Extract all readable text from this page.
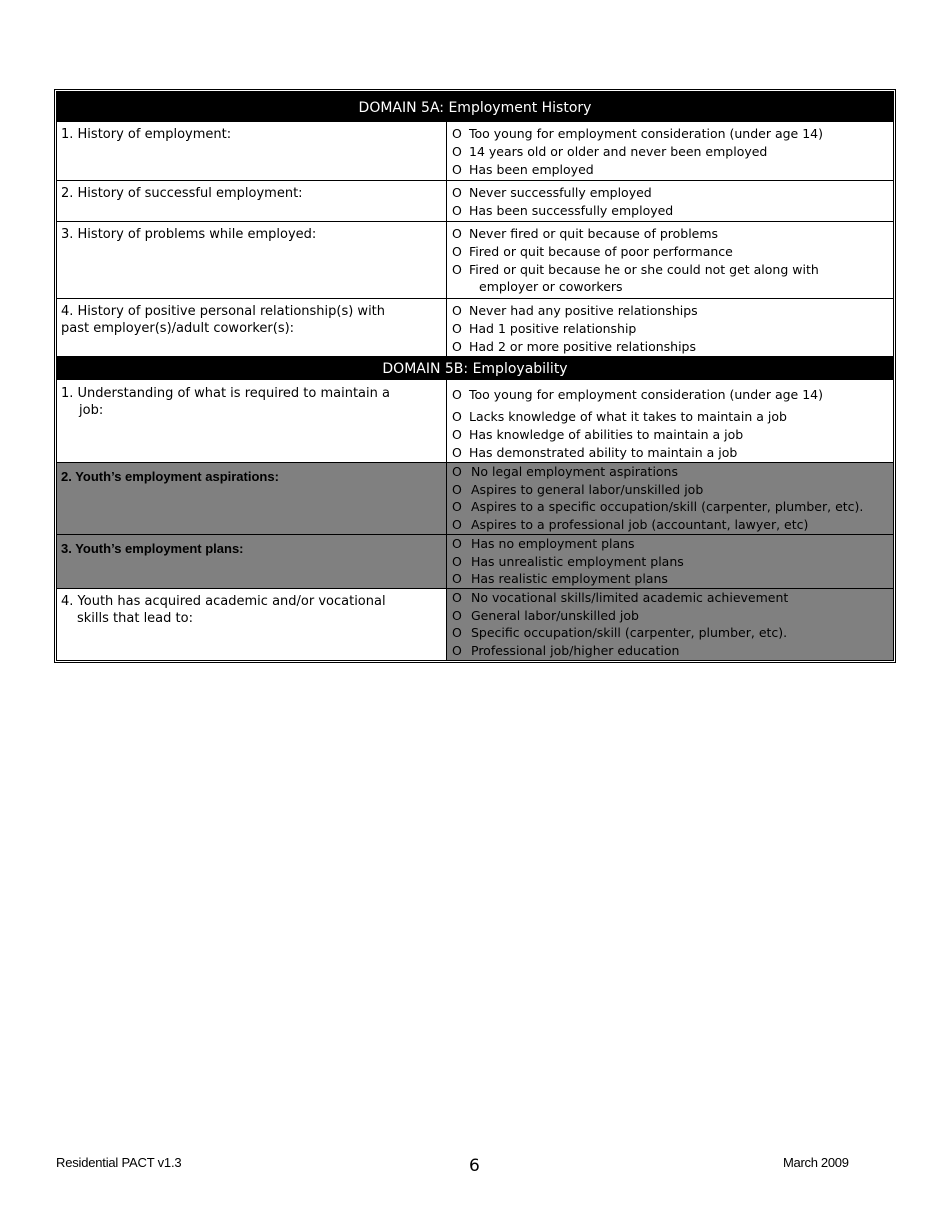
DOMAIN 5A: Employment History
1. History of employment:	O Too young for employment consideration (under age 14)
O 14 years old or older and never been employed
O Has been employed
2. History of successful employment:	O Never successfully employed
O Has been successfully employed
3. History of problems while employed:	O Never fired or quit because of problems
O Fired or quit because of poor performance
O Fired or quit because he or she could not get along with
employer or coworkers
4. History of positive personal relationship(s) with
past employer(s)/adult coworker(s):
O Never had any positive relationships
O Had 1 positive relationship
O Had 2 or more positive relationships
DOMAIN 5B: Employability
1. Understanding of what is required to maintain a
job:
O Too young for employment consideration (under age 14)
O Lacks knowledge of what it takes to maintain a job
O Has knowledge of abilities to maintain a job
O Has demonstrated ability to maintain a job
2. Youth’s employment aspirations:	O No legal employment aspirations
O Aspires to general labor/unskilled job
O Aspires to a specific occupation/skill (carpenter, plumber, etc).
O Aspires to a professional job (accountant, lawyer, etc)
3. Youth’s employment plans:	O Has no employment plans
O Has unrealistic employment plans
O Has realistic employment plans
4. Youth has acquired academic and/or vocational
skills that lead to:
O No vocational skills/limited academic achievement
O General labor/unskilled job
O Specific occupation/skill (carpenter, plumber, etc).
O Professional job/higher education
Residential PACT v1.3	6	March 2009
